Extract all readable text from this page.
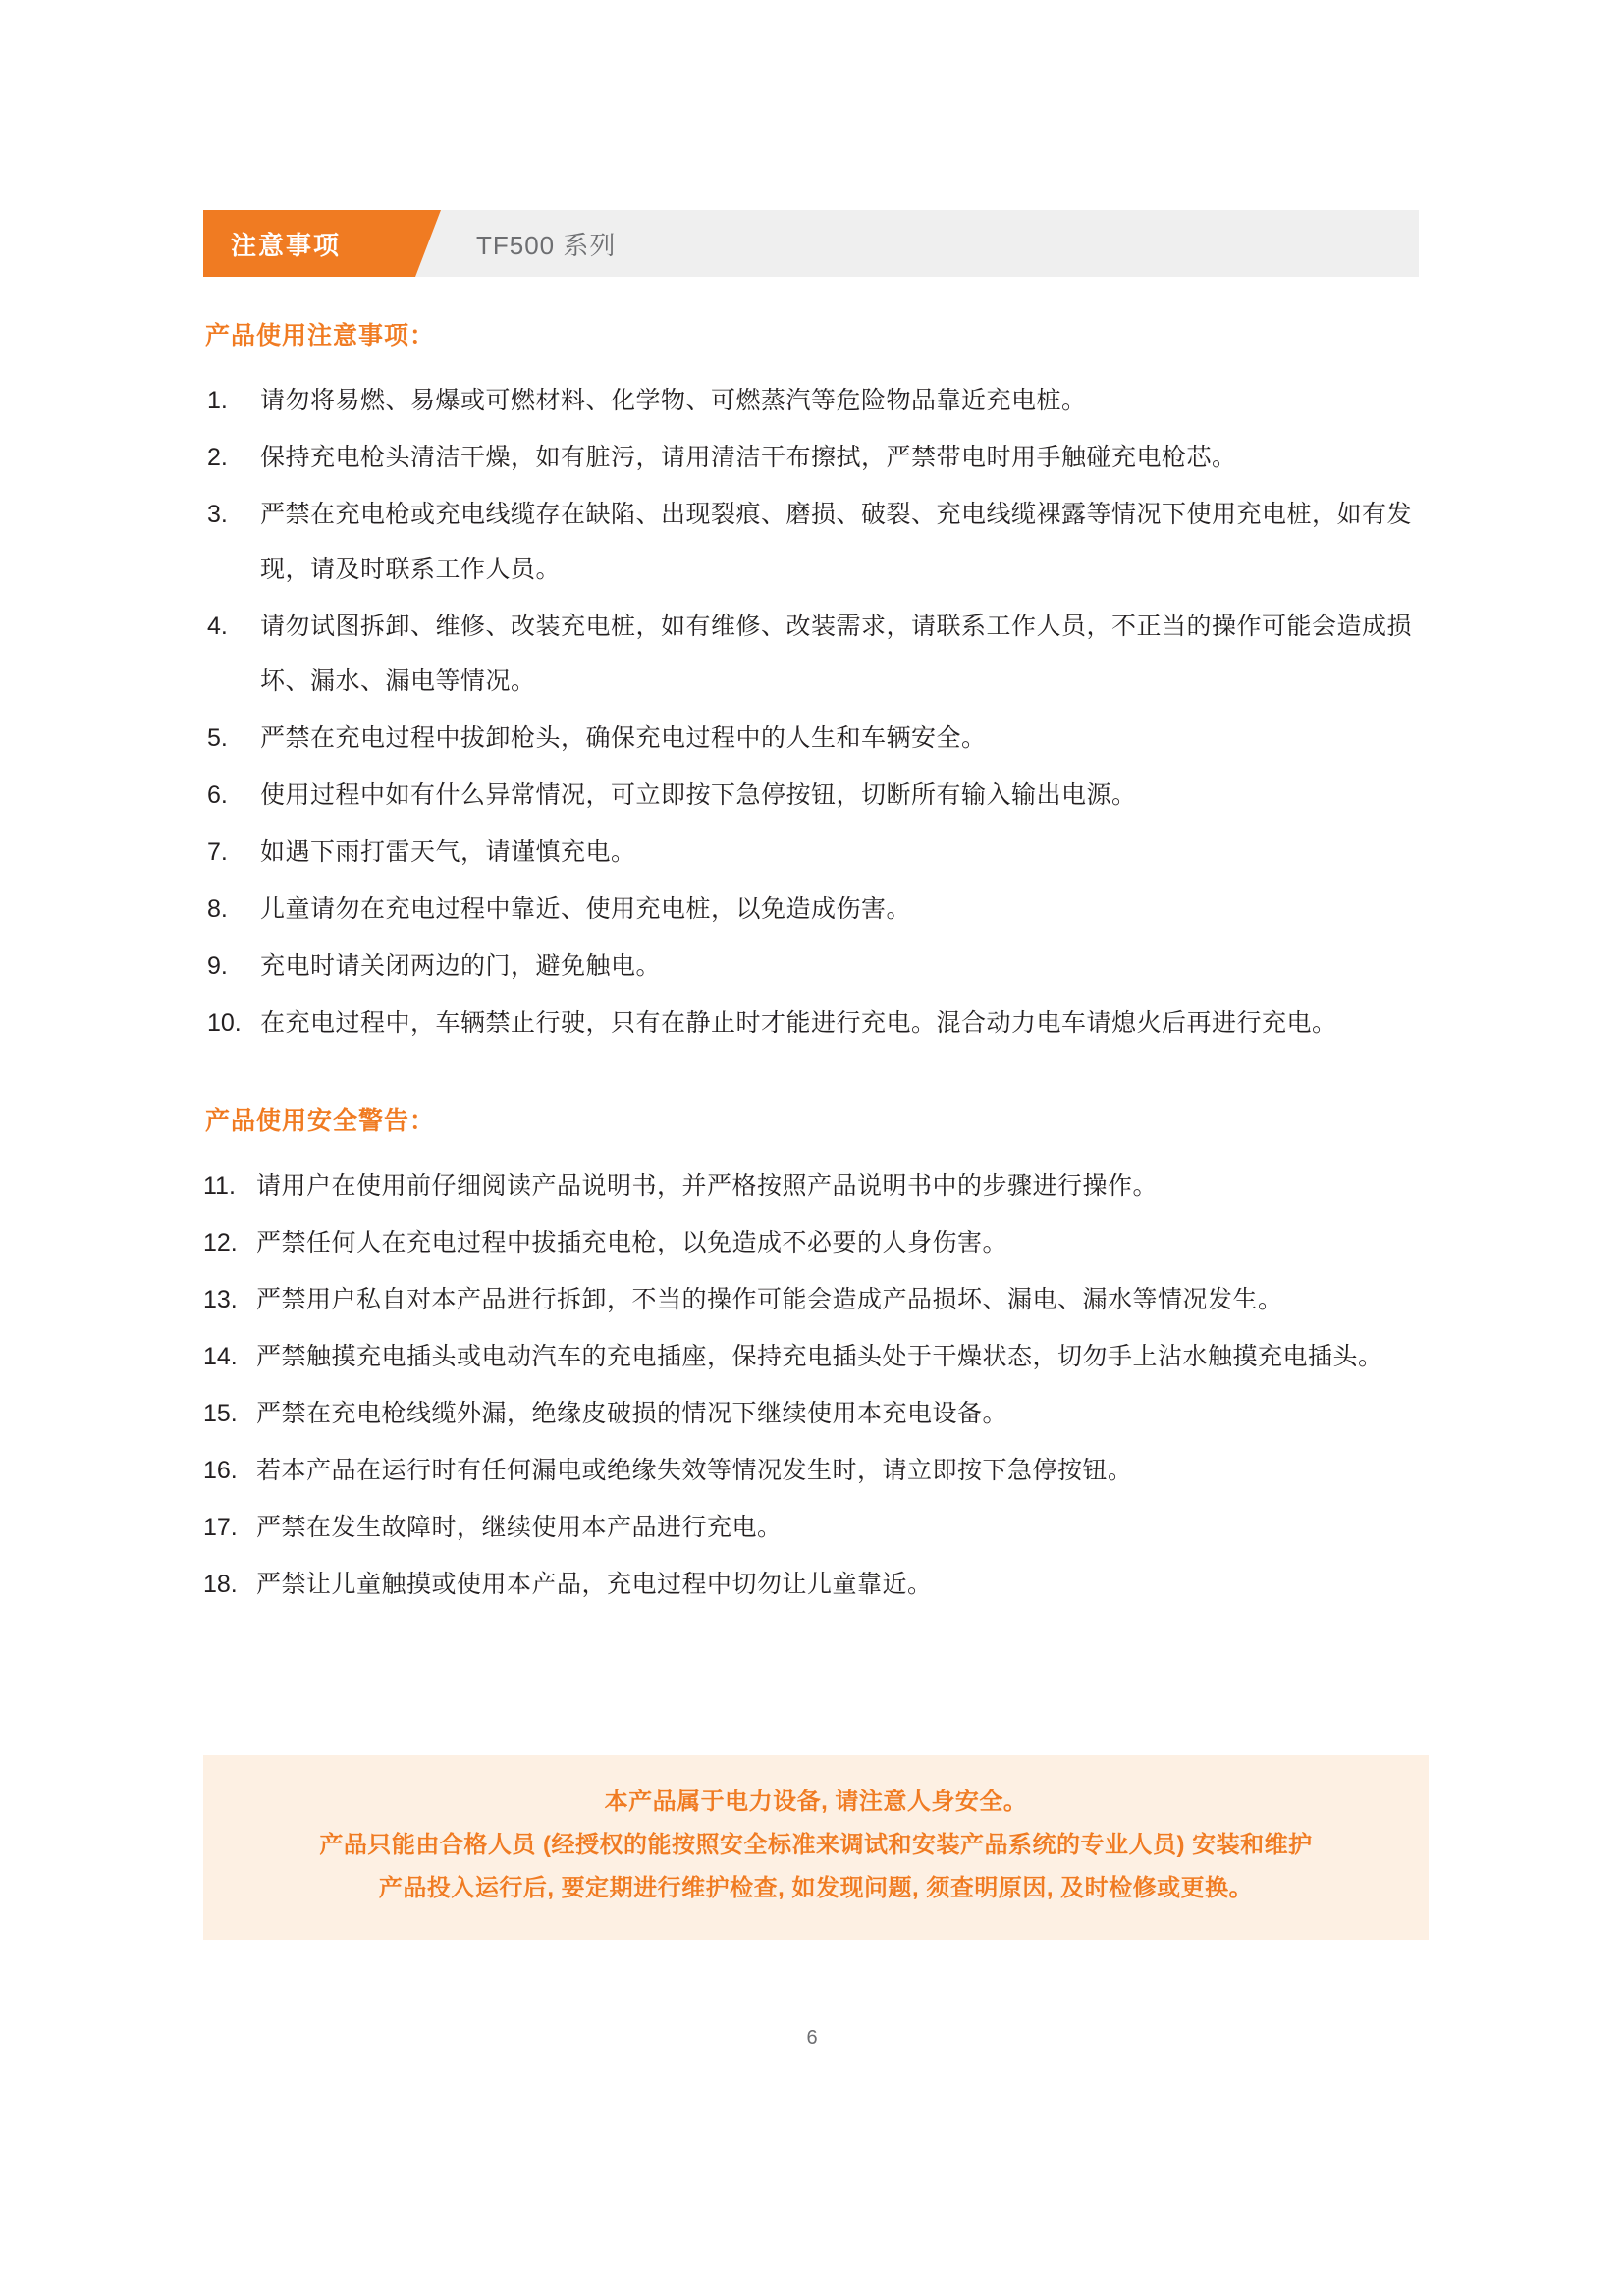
注意事项	TF500 系列
产品使用注意事项：
1.	请勿将易燃、易爆或可燃材料、化学物、可燃蒸汽等危险物品靠近充电桩。
2.	保持充电枪头清洁干燥，如有脏污，请用清洁干布擦拭，严禁带电时用手触碰充电枪芯。
3.	严禁在充电枪或充电线缆存在缺陷、出现裂痕、磨损、破裂、充电线缆裸露等情况下使用充电桩，如有发现，请及时联系工作人员。
4.	请勿试图拆卸、维修、改装充电桩，如有维修、改装需求，请联系工作人员，不正当的操作可能会造成损坏、漏水、漏电等情况。
5.	严禁在充电过程中拔卸枪头，确保充电过程中的人生和车辆安全。
6.	使用过程中如有什么异常情况，可立即按下急停按钮，切断所有输入输出电源。
7.	如遇下雨打雷天气，请谨慎充电。
8.	儿童请勿在充电过程中靠近、使用充电桩，以免造成伤害。
9.	充电时请关闭两边的门，避免触电。
10. 在充电过程中，车辆禁止行驶，只有在静止时才能进行充电。混合动力电车请熄火后再进行充电。
产品使用安全警告：
11. 请用户在使用前仔细阅读产品说明书，并严格按照产品说明书中的步骤进行操作。
12. 严禁任何人在充电过程中拔插充电枪，以免造成不必要的人身伤害。
13. 严禁用户私自对本产品进行拆卸，不当的操作可能会造成产品损坏、漏电、漏水等情况发生。
14. 严禁触摸充电插头或电动汽车的充电插座，保持充电插头处于干燥状态，切勿手上沾水触摸充电插头。
15. 严禁在充电枪线缆外漏，绝缘皮破损的情况下继续使用本充电设备。
16. 若本产品在运行时有任何漏电或绝缘失效等情况发生时，请立即按下急停按钮。
17. 严禁在发生故障时，继续使用本产品进行充电。
18. 严禁让儿童触摸或使用本产品，充电过程中切勿让儿童靠近。
本产品属于电力设备, 请注意人身安全。
产品只能由合格人员 (经授权的能按照安全标准来调试和安装产品系统的专业人员) 安装和维护
产品投入运行后, 要定期进行维护检查, 如发现问题, 须查明原因, 及时检修或更换。
6
